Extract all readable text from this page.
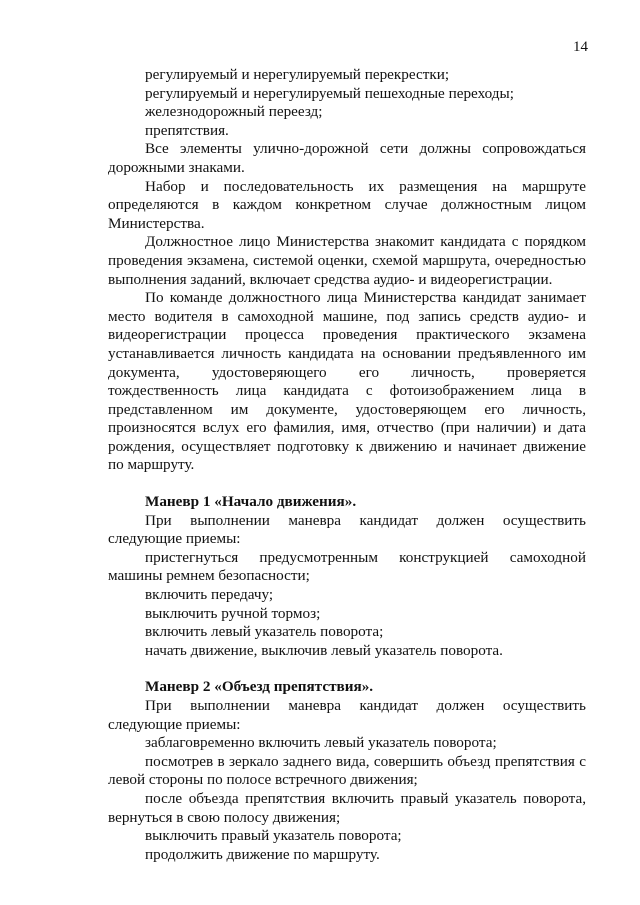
14

регулируемый и нерегулируемый перекрестки;

регулируемый и нерегулируемый пешеходные переходы;

железнодорожный переезд;

препятствия.

Все элементы улично-дорожной сети должны сопровождаться дорожными знаками.

Набор и последовательность их размещения на маршруте определяются в каждом конкретном случае должностным лицом Министерства.

Должностное лицо Министерства знакомит кандидата с порядком проведения экзамена, системой оценки, схемой маршрута, очередностью выполнения заданий, включает средства аудио- и видеорегистрации.

По команде должностного лица Министерства кандидат занимает место водителя в самоходной машине, под запись средств аудио- и видеорегистрации процесса проведения практического экзамена устанавливается личность кандидата на основании предъявленного им документа, удостоверяющего его личность, проверяется тождественность лица кандидата с фотоизображением лица в представленном им документе, удостоверяющем его личность, произносятся вслух его фамилия, имя, отчество (при наличии) и дата рождения, осуществляет подготовку к движению и начинает движение по маршруту.

Маневр 1 «Начало движения».

При выполнении маневра кандидат должен осуществить следующие приемы:

пристегнуться предусмотренным конструкцией самоходной машины ремнем безопасности;

включить передачу;

выключить ручной тормоз;

включить левый указатель поворота;

начать движение, выключив левый указатель поворота.

Маневр 2 «Объезд препятствия».

При выполнении маневра кандидат должен осуществить следующие приемы:

заблаговременно включить левый указатель поворота;

посмотрев в зеркало заднего вида, совершить объезд препятствия с левой стороны по полосе встречного движения;

после объезда препятствия включить правый указатель поворота, вернуться в свою полосу движения;

выключить правый указатель поворота;

продолжить движение по маршруту.
